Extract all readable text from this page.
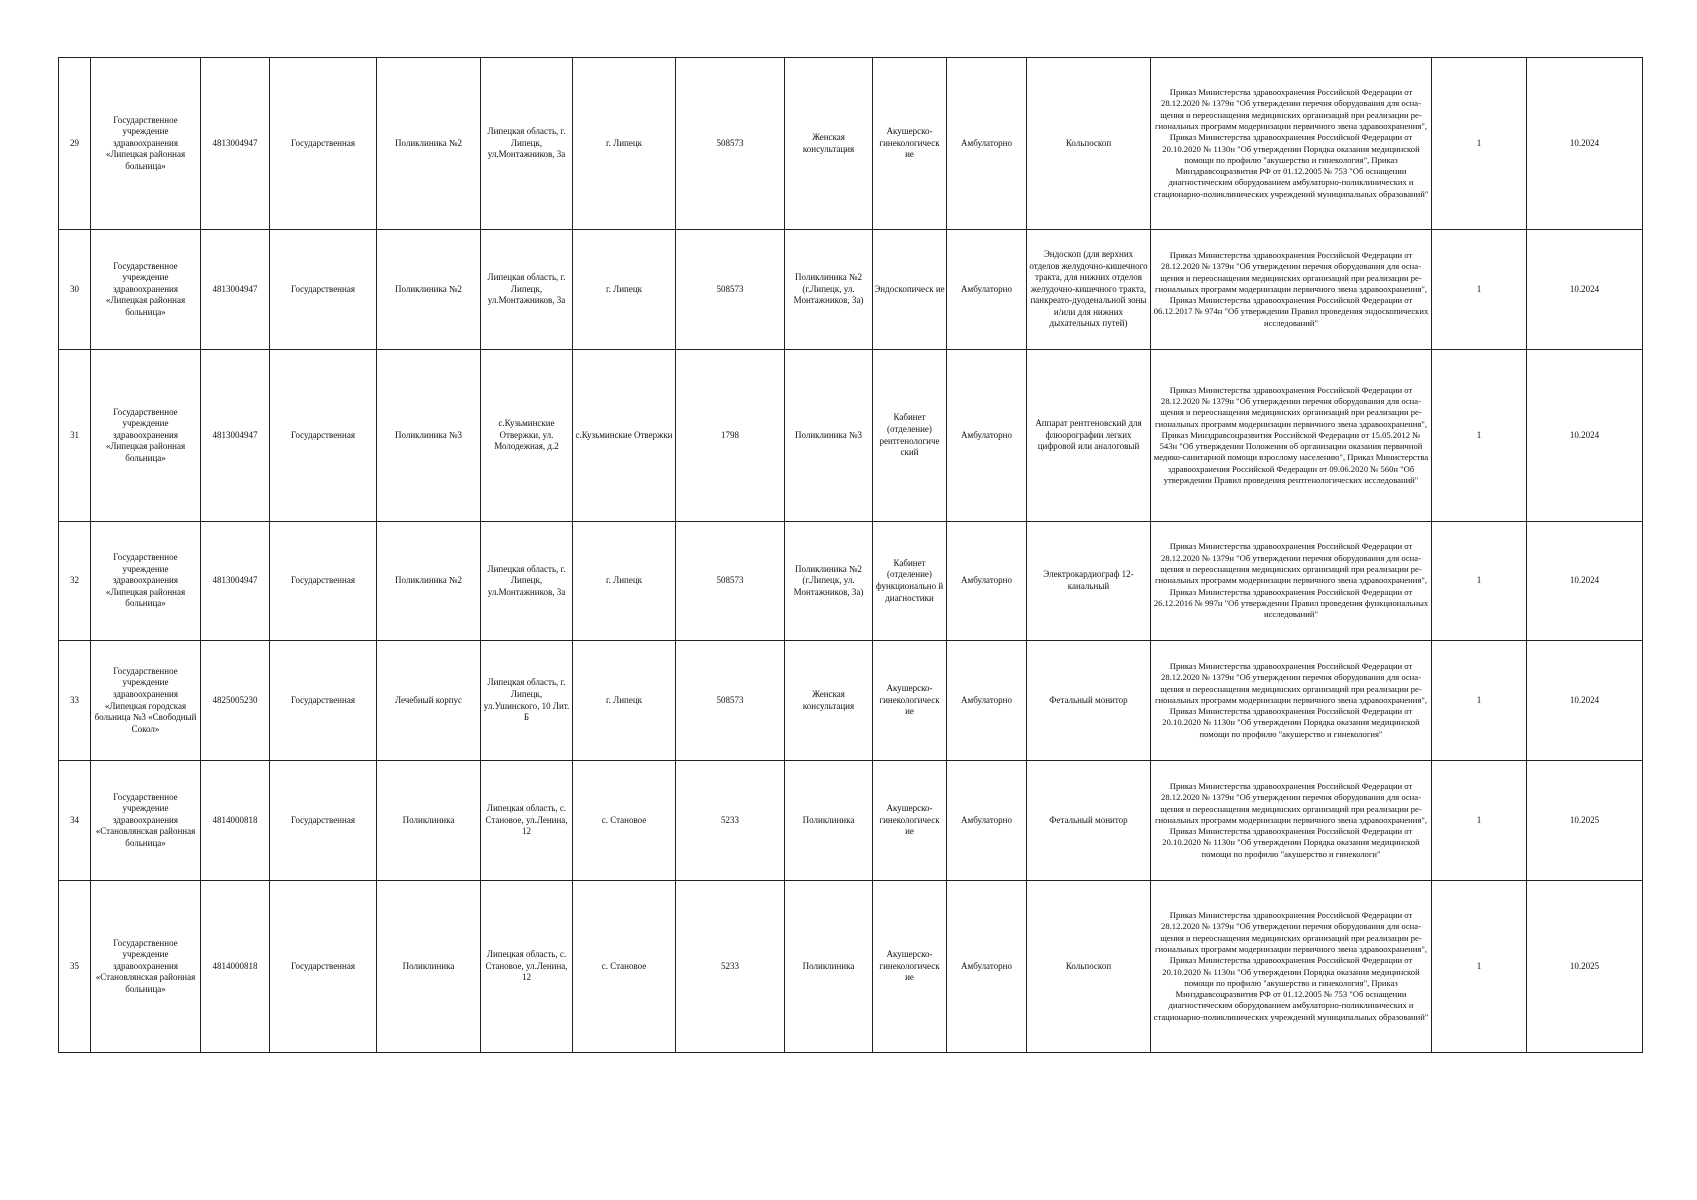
29	Государственное учреждение здравоохранения «Липецкая районная больница»	4813004947	Государственная	Поликлиника №2	Липецкая область, г. Липецк, ул.Монтажников, 3а	г. Липецк	508573	Женская консультация	Акушерско-гинекологическ ие	Амбулаторно	Кольпоскоп	Приказ Министерства здравоохранения Российской Федерации от 28.12.2020 № 1379н "Об утверждении перечня оборудования для осна-щения и переоснащения медицинских организаций при реализации ре-гиональных программ модернизации первичного звена здравоохранения", Приказ Министерства здравоохранения Российской Федерации от 20.10.2020 № 1130н "Об утверждении Порядка оказания медицинской помощи по профилю "акушерство и гинекология", Приказ Минздравсоцразвития РФ от 01.12.2005 № 753 "Об оснащении диагностическим оборудованием амбулаторно-поликлинических и стационарно-поликлинических учреждений муниципальных образований"	1	10.2024
30	Государственное учреждение здравоохранения «Липецкая районная больница»	4813004947	Государственная	Поликлиника №2	Липецкая область, г. Липецк, ул.Монтажников, 3а	г. Липецк	508573	Поликлиника №2 (г.Липецк, ул. Монтажников, 3а)	Эндоскопическ ие	Амбулаторно	Эндоскоп (для верхних отделов желудочно-кишечного тракта, для нижних отделов желудочно-кишечного тракта, панкреато-дуоденальной зоны и/или для нижних дыхательных путей)	Приказ Министерства здравоохранения Российской Федерации от 28.12.2020 № 1379н "Об утверждении перечня оборудования для осна-щения и переоснащения медицинских организаций при реализации ре-гиональных программ модернизации первичного звена здравоохранения", Приказ Министерства здравоохранения Российской Федерации от 06.12.2017 № 974н "Об утверждении Правил проведения эндоскопических исследований"	1	10.2024
31	Государственное учреждение здравоохранения «Липецкая районная больница»	4813004947	Государственная	Поликлиника №3	с.Кузьминские Отвержки, ул. Молодежная, д.2	с.Кузьминские Отвержки	1798	Поликлиника №3	Кабинет (отделение) рентгенологиче ский	Амбулаторно	Аппарат рентгеновский для флюорографии легких цифровой или аналоговый	Приказ Министерства здравоохранения Российской Федерации от 28.12.2020 № 1379н "Об утверждении перечня оборудования для осна-щения и переоснащения медицинских организаций при реализации ре-гиональных программ модернизации первичного звена здравоохранения", Приказ Минздравсоцразвития Российской Федерации от 15.05.2012 № 543н "Об утверждении Положения об организации оказания первичной медико-санитарной помощи взрослому населению", Приказ Министерства здравоохранения Российской Федерации от 09.06.2020 № 560н "Об утверждении Правил проведения рентгенологических исследований"	1	10.2024
32	Государственное учреждение здравоохранения «Липецкая районная больница»	4813004947	Государственная	Поликлиника №2	Липецкая область, г. Липецк, ул.Монтажников, 3а	г. Липецк	508573	Поликлиника №2 (г.Липецк, ул. Монтажников, 3а)	Кабинет (отделение) функционально й диагностики	Амбулаторно	Электрокардиограф 12-канальный	Приказ Министерства здравоохранения Российской Федерации от 28.12.2020 № 1379н "Об утверждении перечня оборудования для осна-щения и переоснащения медицинских организаций при реализации ре-гиональных программ модернизации первичного звена здравоохранения", Приказ Министерства здравоохранения Российской Федерации от 26.12.2016 № 997н "Об утверждении Правил проведения функциональных исследований"	1	10.2024
33	Государственное учреждение здравоохранения «Липецкая городская больница №3 «Свободный Сокол»	4825005230	Государственная	Лечебный корпус	Липецкая область, г. Липецк, ул.Ушинского, 10 Лит. Б	г. Липецк	508573	Женская консультация	Акушерско-гинекологическ ие	Амбулаторно	Фетальный монитор	Приказ Министерства здравоохранения Российской Федерации от 28.12.2020 № 1379н "Об утверждении перечня оборудования для осна-щения и переоснащения медицинских организаций при реализации ре-гиональных программ модернизации первичного звена здравоохранения", Приказ Министерства здравоохранения Российской Федерации от 20.10.2020 № 1130н "Об утверждении Порядка оказания медицинской помощи по профилю "акушерство и гинекология"	1	10.2024
34	Государственное учреждение здравоохранения «Становлянская районная больница»	4814000818	Государственная	Поликлиника	Липецкая область, с. Становое, ул.Ленина, 12	с. Становое	5233	Поликлиника	Акушерско-гинекологическ ие	Амбулаторно	Фетальный монитор	Приказ Министерства здравоохранения Российской Федерации от 28.12.2020 № 1379н "Об утверждении перечня оборудования для осна-щения и переоснащения медицинских организаций при реализации ре-гиональных программ модернизации первичного звена здравоохранения", Приказ Министерства здравоохранения Российской Федерации от 20.10.2020 № 1130н "Об утверждении Порядка оказания медицинской помощи по профилю "акушерство и гинекологи"	1	10.2025
35	Государственное учреждение здравоохранения «Становлянская районная больница»	4814000818	Государственная	Поликлиника	Липецкая область, с. Становое, ул.Ленина, 12	с. Становое	5233	Поликлиника	Акушерско-гинекологическ ие	Амбулаторно	Кольпоскоп	Приказ Министерства здравоохранения Российской Федерации от 28.12.2020 № 1379н "Об утверждении перечня оборудования для осна-щения и переоснащения медицинских организаций при реализации ре-гиональных программ модернизации первичного звена здравоохранения", Приказ Министерства здравоохранения Российской Федерации от 20.10.2020 № 1130н "Об утверждении Порядка оказания медицинской помощи по профилю "акушерство и гинекология", Приказ Минздравсоцразвития РФ от 01.12.2005 № 753 "Об оснащении диагностическим оборудованием амбулаторно-поликлинических и стационарно-поликлинических учреждений муниципальных образований"	1	10.2025
